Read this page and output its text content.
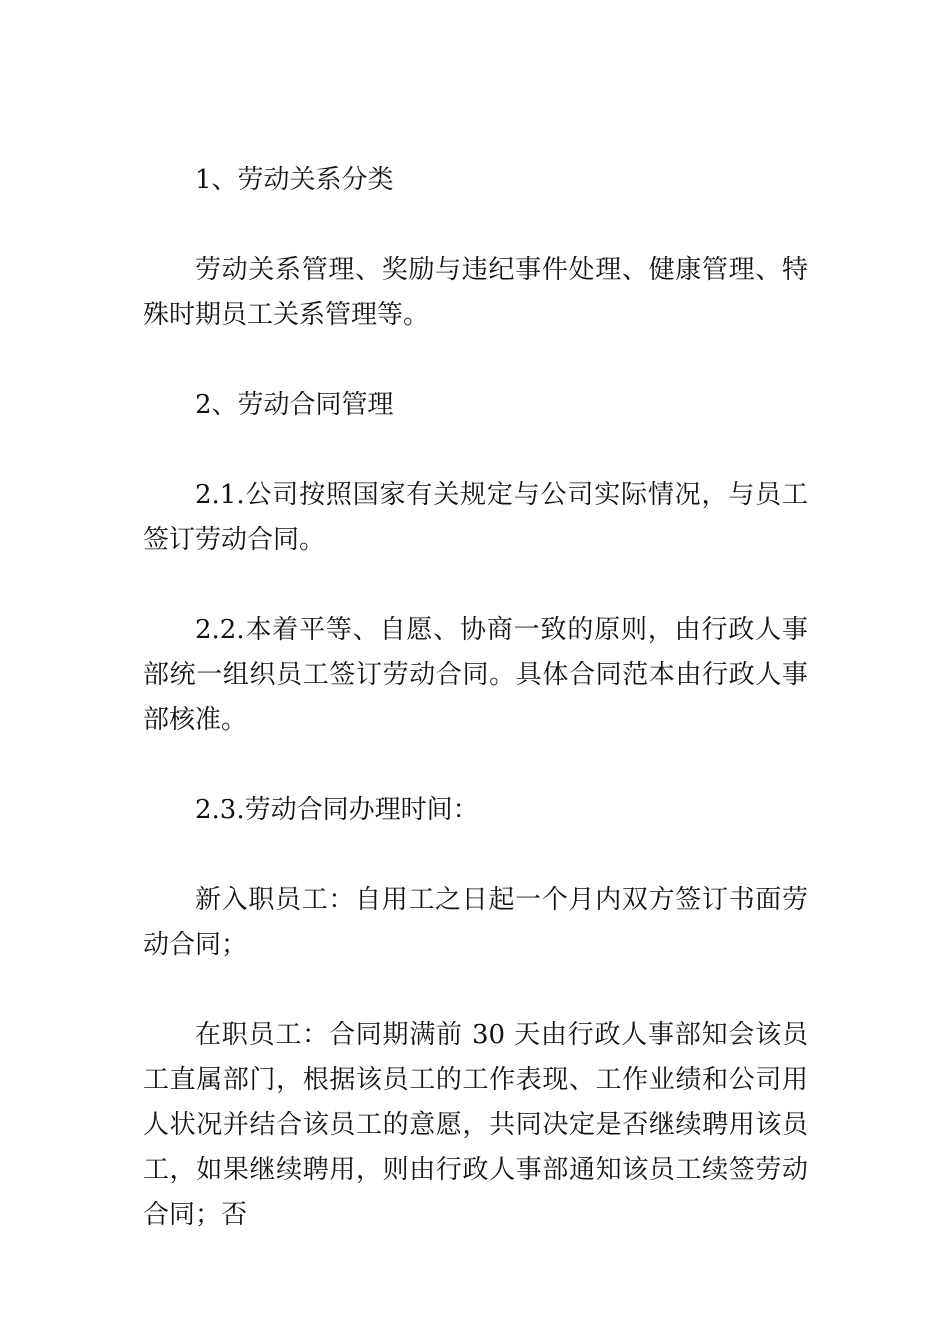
1、劳动关系分类

劳动关系管理、奖励与违纪事件处理、健康管理、特殊时期员工关系管理等。

2、劳动合同管理

2.1.公司按照国家有关规定与公司实际情况，与员工签订劳动合同。

2.2.本着平等、自愿、协商一致的原则，由行政人事部统一组织员工签订劳动合同。具体合同范本由行政人事部核准。

2.3.劳动合同办理时间：

新入职员工：自用工之日起一个月内双方签订书面劳动合同；

在职员工：合同期满前 30 天由行政人事部知会该员工直属部门，根据该员工的工作表现、工作业绩和公司用人状况并结合该员工的意愿，共同决定是否继续聘用该员工，如果继续聘用，则由行政人事部通知该员工续签劳动合同；否
